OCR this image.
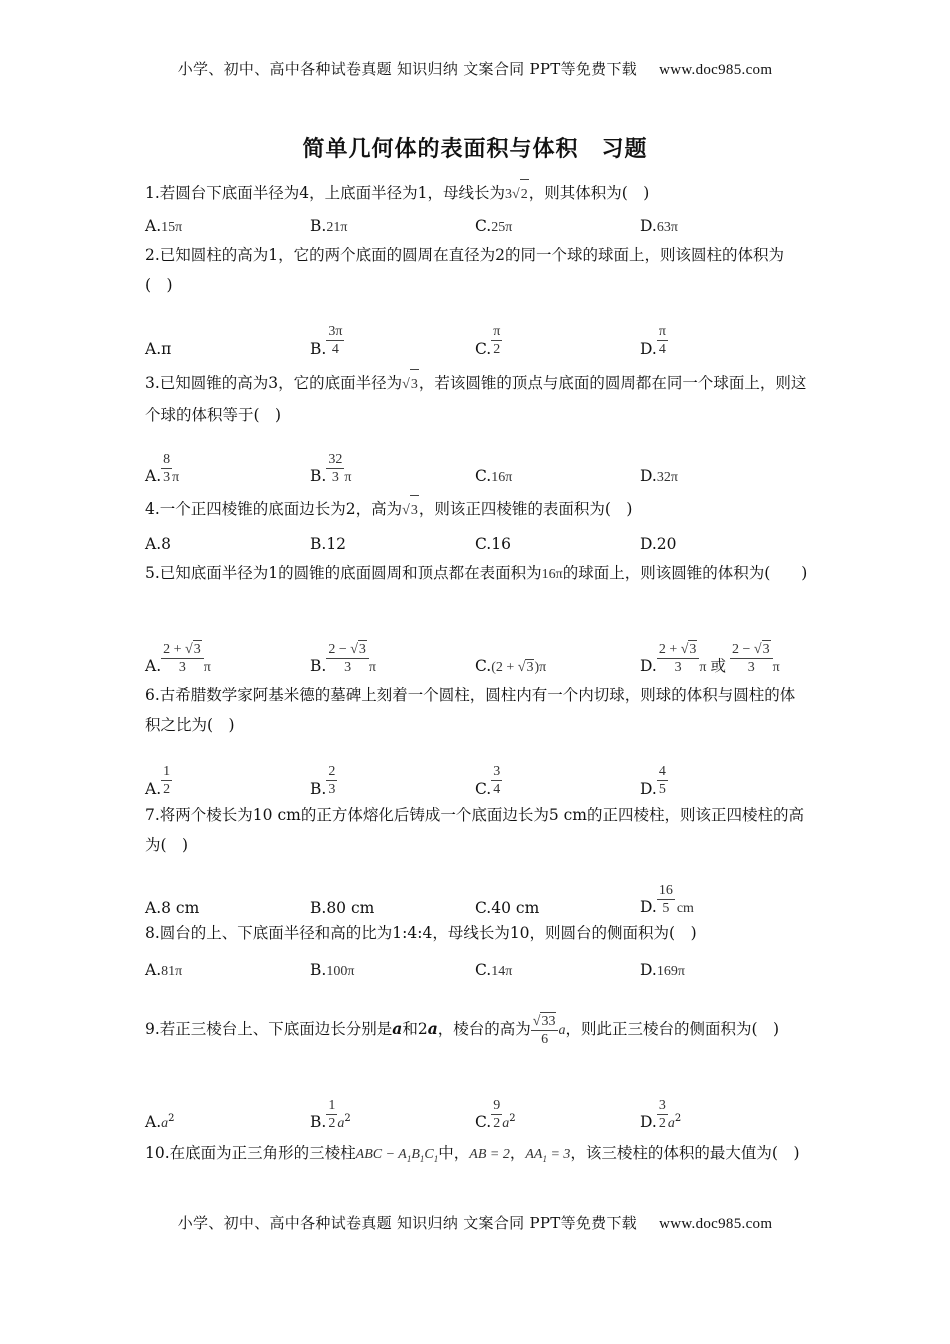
小学、初中、高中各种试卷真题 知识归纳 文案合同 PPT等免费下载 www.doc985.com
简单几何体的表面积与体积　习题
1.若圆台下底面半径为4，上底面半径为1，母线长为3√2，则其体积为(　)
A.15π	B.21π	C.25π	D.63π
2.已知圆柱的高为1，它的两个底面的圆周在直径为2的同一个球的球面上，则该圆柱的体积为(　)
A.π	B. $\frac{3\pi}{4}$	C. $\frac{\pi}{2}$	D. $\frac{\pi}{4}$
3.已知圆锥的高为3，它的底面半径为√3，若该圆锥的顶点与底面的圆周都在同一个球面上，则这个球的体积等于(　)
A. $\frac{8}{3}$ π	B. $\frac{32}{3}$ π	C.16π	D.32π
4.一个正四棱锥的底面边长为2，高为√3，则该正四棱锥的表面积为(　)
A.8	B.12	C.16	D.20
5.已知底面半径为1的圆锥的底面圆周和顶点都在表面积为16π的球面上，则该圆锥的体积为(　　)
A. $\frac{2 + √3}{3}$ π	B. $\frac{2 - √3}{3}$ π	C.(2 + √3)π	D. $\frac{2 + √3}{3}$ π 或 $\frac{2 - √3}{3}$ π
6.古希腊数学家阿基米德的墓碑上刻着一个圆柱，圆柱内有一个内切球，则球的体积与圆柱的体积之比为(　)
A. $\frac{1}{2}$	B. $\frac{2}{3}$	C. $\frac{3}{4}$	D. $\frac{4}{5}$
7.将两个棱长为10 cm的正方体熔化后铸成一个底面边长为5 cm的正四棱柱，则该正四棱柱的高为(　)
A.8 cm	B.80 cm	C.40 cm	D. $\frac{16}{5}$ cm
8.圆台的上、下底面半径和高的比为1:4:4，母线长为10，则圆台的侧面积为(　)
A.81π	B.100π	C.14π	D.169π
9.若正三棱台上、下底面边长分别是a和2a，棱台的高为 $\frac{√33}{6}$ a，则此正三棱台的侧面积为(　)
$A.a^2$	B. $\frac{1}{2} a^2$	C. $\frac{9}{2} a^2$	D. $\frac{3}{2} a^2$
10.在底面为正三角形的三棱柱ABC − $A_1B_1C_1$中，AB = 2，$AA_1 = 3$，该三棱柱的体积的最大值为(　)
小学、初中、高中各种试卷真题 知识归纳 文案合同 PPT等免费下载 www.doc985.com
